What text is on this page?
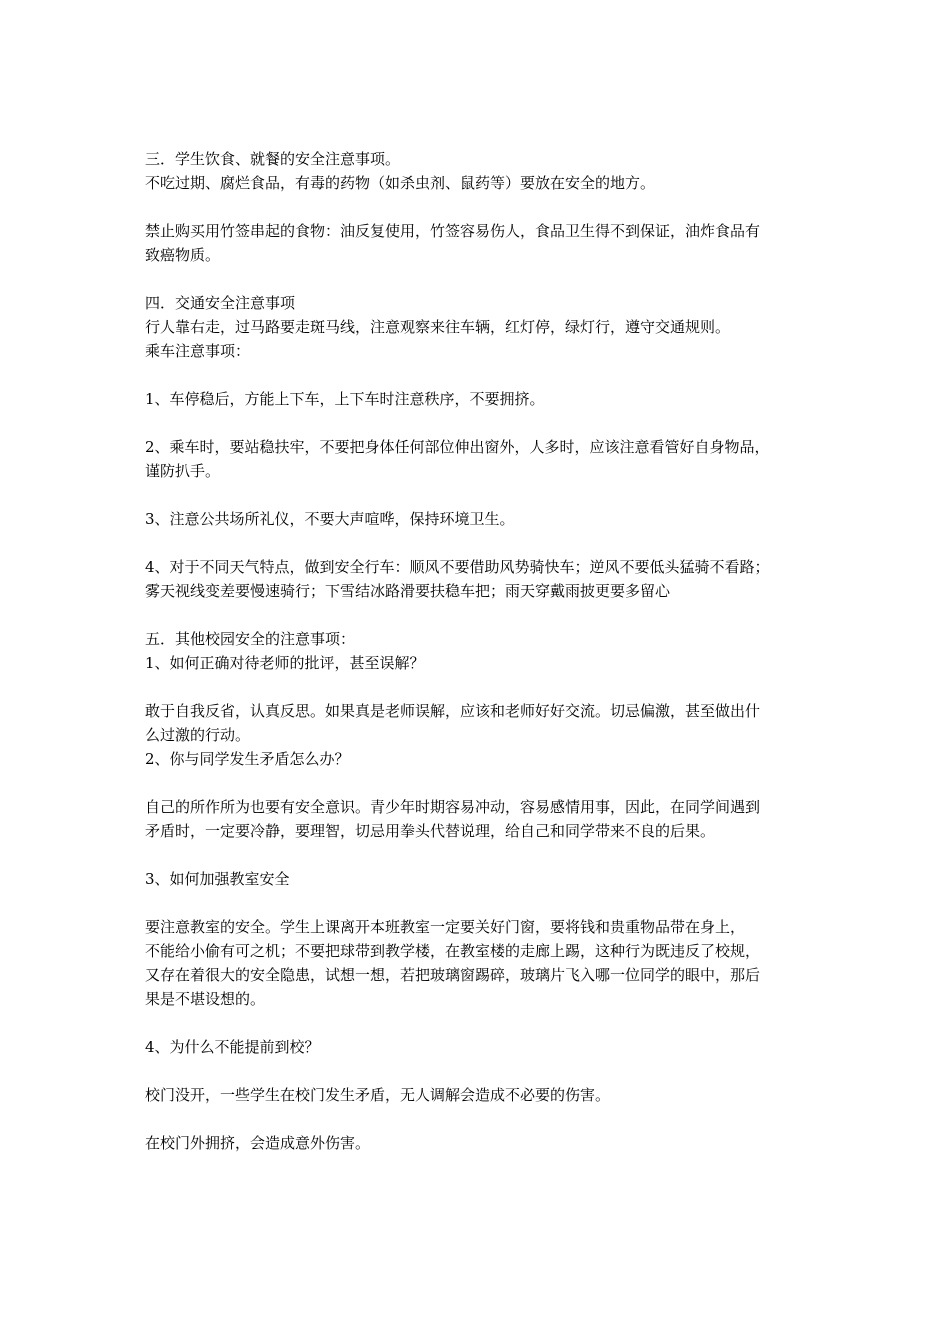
三．学生饮食、就餐的安全注意事项。
不吃过期、腐烂食品，有毒的药物（如杀虫剂、鼠药等）要放在安全的地方。
禁止购买用竹签串起的食物：油反复使用，竹签容易伤人，食品卫生得不到保证，油炸食品有
致癌物质。
四．交通安全注意事项
行人靠右走，过马路要走斑马线，注意观察来往车辆，红灯停，绿灯行，遵守交通规则。
乘车注意事项：
1、车停稳后，方能上下车，上下车时注意秩序，不要拥挤。
2、乘车时，要站稳扶牢，不要把身体任何部位伸出窗外，人多时，应该注意看管好自身物品，
谨防扒手。
3、注意公共场所礼仪，不要大声喧哗，保持环境卫生。
4、对于不同天气特点，做到安全行车：顺风不要借助风势骑快车；逆风不要低头猛骑不看路；
雾天视线变差要慢速骑行；下雪结冰路滑要扶稳车把；雨天穿戴雨披更要多留心
五．其他校园安全的注意事项：
1、如何正确对待老师的批评，甚至误解？
敢于自我反省，认真反思。如果真是老师误解，应该和老师好好交流。切忌偏激，甚至做出什
么过激的行动。
2、你与同学发生矛盾怎么办？
自己的所作所为也要有安全意识。青少年时期容易冲动，容易感情用事，因此，在同学间遇到
矛盾时，一定要冷静，要理智，切忌用拳头代替说理，给自己和同学带来不良的后果。
3、如何加强教室安全
要注意教室的安全。学生上课离开本班教室一定要关好门窗，要将钱和贵重物品带在身上，
不能给小偷有可之机；不要把球带到教学楼，在教室楼的走廊上踢，这种行为既违反了校规，
又存在着很大的安全隐患，试想一想，若把玻璃窗踢碎，玻璃片飞入哪一位同学的眼中，那后
果是不堪设想的。
4、为什么不能提前到校？
校门没开，一些学生在校门发生矛盾，无人调解会造成不必要的伤害。
在校门外拥挤，会造成意外伤害。
